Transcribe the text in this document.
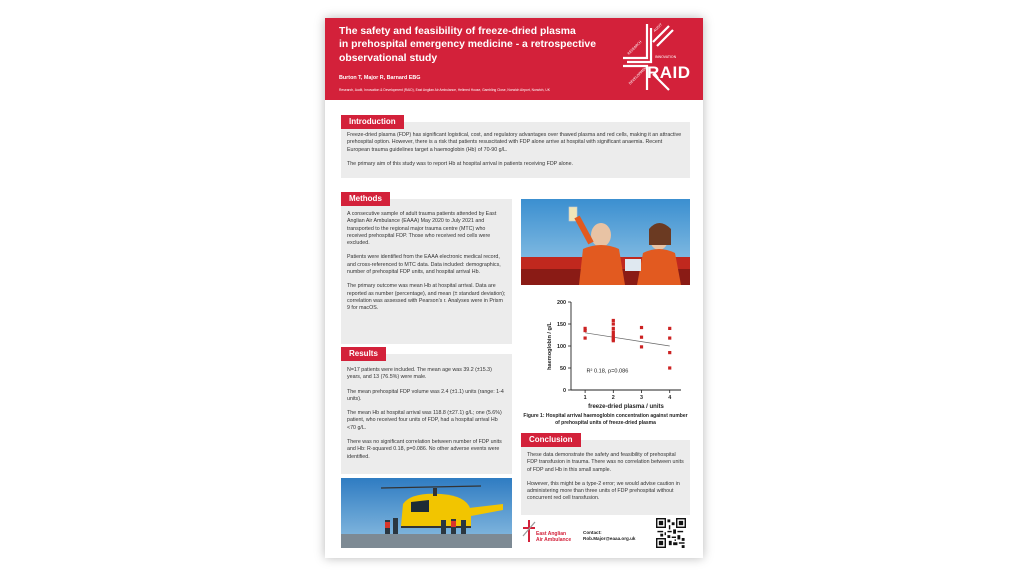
The safety and feasibility of freeze-dried plasma
in prehospital emergency medicine - a retrospective
observational study
Burton T, Major R, Barnard EBG
Research, Audit, Innovation & Development (RAID), East Anglian Air Ambulance, Helimed House, Gambling Close, Norwich Airport, Norwich, UK
RESEARCH
AUDIT
INNOVATION
DEVELOPMENT
RAID

Freeze-dried plasma (FDP) has significant logistical, cost, and regulatory advantages over thawed plasma and red cells, making it an attractive prehospital option. However, there is a risk that patients resuscitated with FDP alone arrive at hospital with significant anaemia. Recent European trauma guidelines target a haemoglobin (Hb) of 70-90 g/L.

The primary aim of this study was to report Hb at hospital arrival in patients receiving FDP alone.

Introduction

A consecutive sample of adult trauma patients attended by East Anglian Air Ambulance (EAAA) May 2020 to July 2021 and transported to the regional major trauma centre (MTC) who received prehospital FDP. Those who received red cells were excluded.

Patients were identified from the EAAA electronic medical record, and cross-referenced to MTC data. Data included: demographics, number of prehospital FDP units, and hospital arrival Hb.

The primary outcome was mean Hb at hospital arrival. Data are reported as number (percentage), and mean (± standard deviation); correlation was assessed with Pearson's r. Analyses were in Prism 9 for macOS.

Methods

N=17 patients were included. The mean age was 39.2 (±15.3) years, and 13 (76.5%) were male.

The mean prehospital FDP volume was 2.4 (±1.1) units (range: 1-4 units).

The mean Hb at hospital arrival was 118.8 (±27.1) g/L; one (5.6%) patient, who received four units of FDP, had a hospital arrival Hb <70 g/L.

There was no significant correlation between number of FDP units and Hb: R-squared 0.18, p=0.086. No other adverse events were identified.

Results
0
50
100
150
200
1	2	3	4
haemoglobin / g/L
freeze-dried plasma / units
R² 0.18, p=0.086
Figure 1: Hospital arrival haemoglobin concentration against number of prehospital units of freeze-dried plasma

These data demonstrate the safety and feasibility of prehospital FDP transfusion in trauma. There was no correlation between units of FDP and Hb in this small sample.

However, this might be a type-2 error; we would advise caution in administering more than three units of FDP prehospital without concurrent red cell transfusion.

Conclusion
East Anglian
Air Ambulance
Contact:
Rob.Major@eaaa.org.uk
